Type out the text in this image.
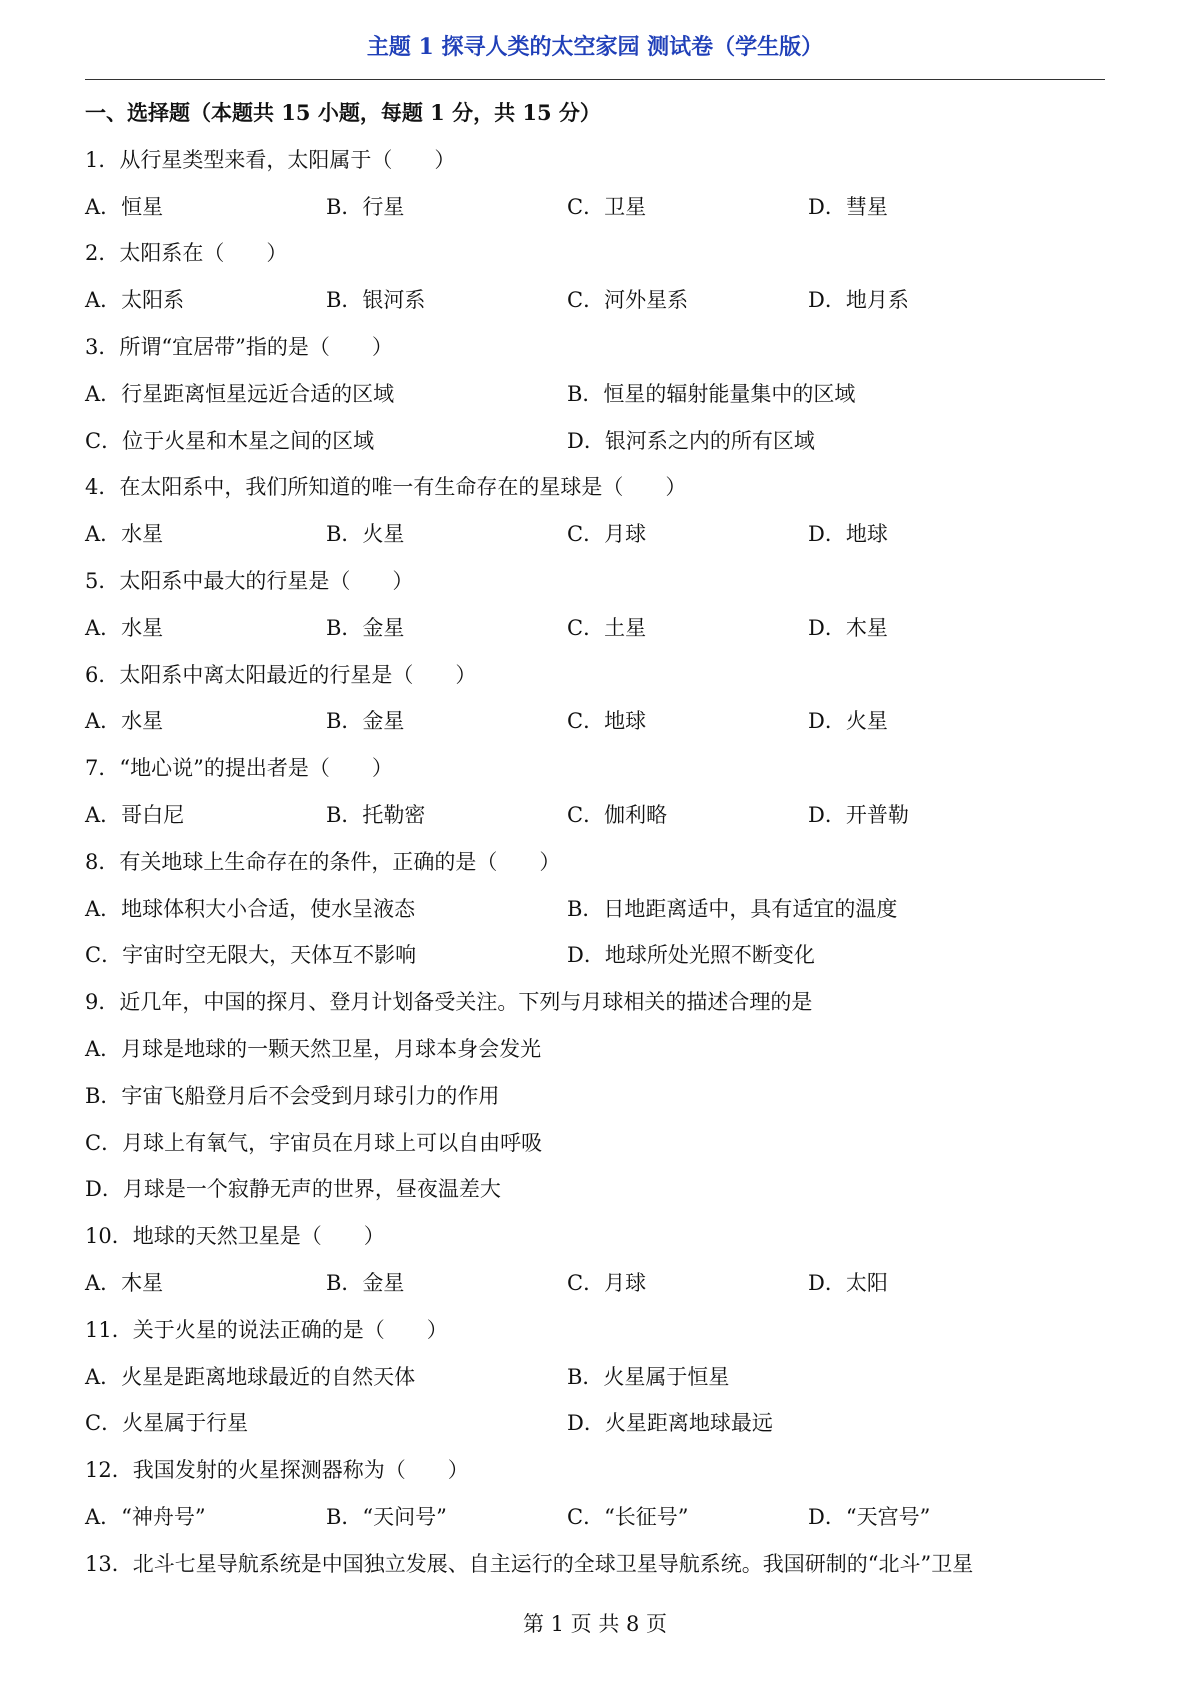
主题 1 探寻人类的太空家园 测试卷（学生版）
一、选择题（本题共 15 小题，每题 1 分，共 15 分）
1．从行星类型来看，太阳属于（　　）
A．恒星	B．行星	C．卫星	D．彗星
2．太阳系在（　　）
A．太阳系	B．银河系	C．河外星系	D．地月系
3．所谓“宜居带”指的是（　　）
A．行星距离恒星远近合适的区域	B．恒星的辐射能量集中的区域
C．位于火星和木星之间的区域	D．银河系之内的所有区域
4．在太阳系中，我们所知道的唯一有生命存在的星球是（　　）
A．水星	B．火星	C．月球	D．地球
5．太阳系中最大的行星是（　　）
A．水星	B．金星	C．土星	D．木星
6．太阳系中离太阳最近的行星是（　　）
A．水星	B．金星	C．地球	D．火星
7．“地心说”的提出者是（　　）
A．哥白尼	B．托勒密	C．伽利略	D．开普勒
8．有关地球上生命存在的条件，正确的是（　　）
A．地球体积大小合适，使水呈液态	B．日地距离适中，具有适宜的温度
C．宇宙时空无限大，天体互不影响	D．地球所处光照不断变化
9．近几年，中国的探月、登月计划备受关注。下列与月球相关的描述合理的是
A．月球是地球的一颗天然卫星，月球本身会发光
B．宇宙飞船登月后不会受到月球引力的作用
C．月球上有氧气，宇宙员在月球上可以自由呼吸
D．月球是一个寂静无声的世界，昼夜温差大
10．地球的天然卫星是（　　）
A．木星	B．金星	C．月球	D．太阳
11．关于火星的说法正确的是（　　）
A．火星是距离地球最近的自然天体	B．火星属于恒星
C．火星属于行星	D．火星距离地球最远
12．我国发射的火星探测器称为（　　）
A．“神舟号”	B．“天问号”	C．“长征号”	D．“天宫号”
13．北斗七星导航系统是中国独立发展、自主运行的全球卫星导航系统。我国研制的“北斗”卫星
第 1 页 共 8 页
